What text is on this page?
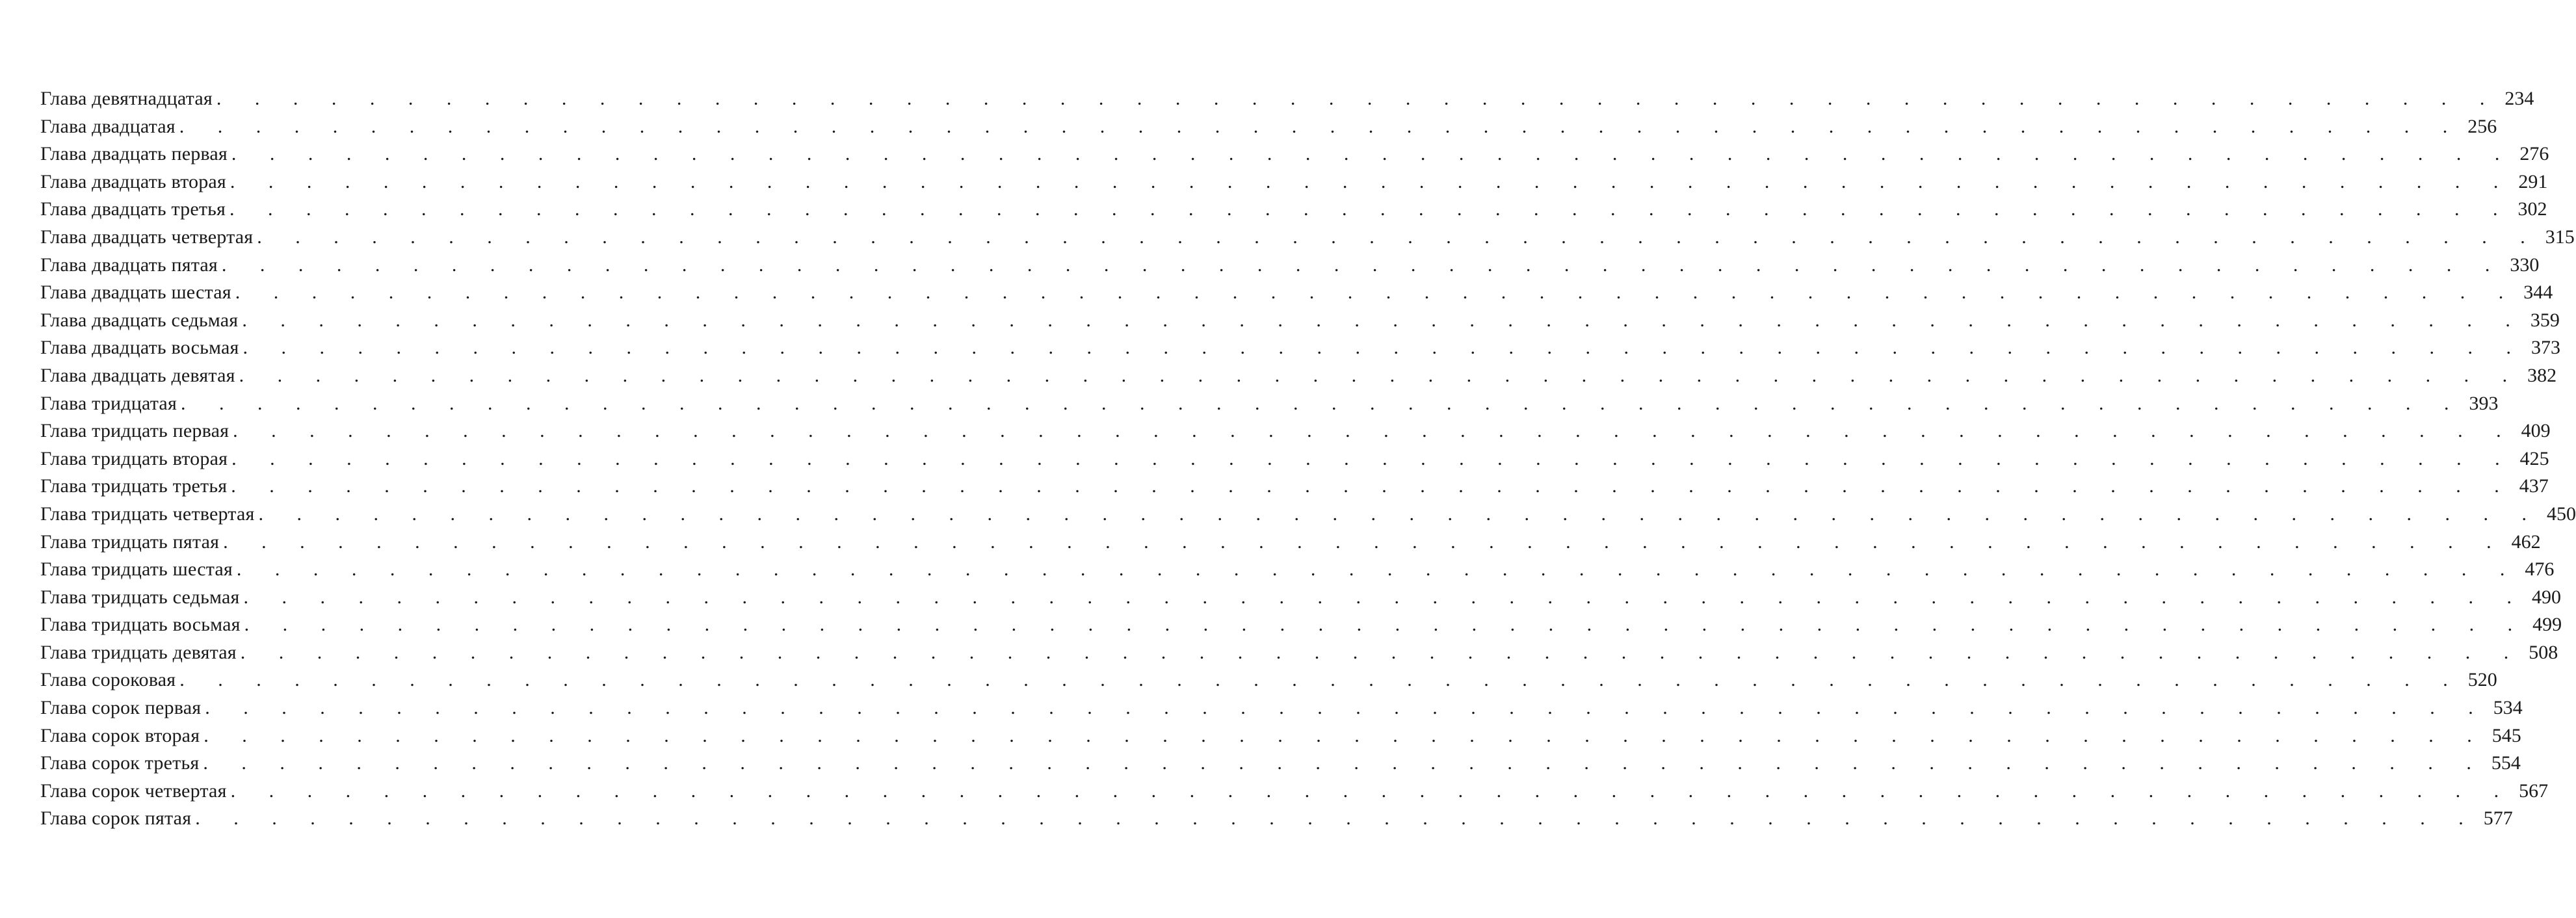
Глава девятнадцатая . . . . . . . . . . . . . . . . . . . . . . . . . . . . . . . . . . . . . . . . . . . . . . . . . . . . . . . . . . . . 234
Глава двадцатая . . . . . . . . . . . . . . . . . . . . . . . . . . . . . . . . . . . . . . . . . . . . . . . . . . . . . . . . . . . . 256
Глава двадцать первая . . . . . . . . . . . . . . . . . . . . . . . . . . . . . . . . . . . . . . . . . . . . . . . . . . . . . . . . . . . . 276
Глава двадцать вторая . . . . . . . . . . . . . . . . . . . . . . . . . . . . . . . . . . . . . . . . . . . . . . . . . . . . . . . . . . . . 291
Глава двадцать третья . . . . . . . . . . . . . . . . . . . . . . . . . . . . . . . . . . . . . . . . . . . . . . . . . . . . . . . . . . . . 302
Глава двадцать четвертая . . . . . . . . . . . . . . . . . . . . . . . . . . . . . . . . . . . . . . . . . . . . . . . . . . . . . . . . . . . . 315
Глава двадцать пятая . . . . . . . . . . . . . . . . . . . . . . . . . . . . . . . . . . . . . . . . . . . . . . . . . . . . . . . . . . . . 330
Глава двадцать шестая . . . . . . . . . . . . . . . . . . . . . . . . . . . . . . . . . . . . . . . . . . . . . . . . . . . . . . . . . . . . 344
Глава двадцать седьмая . . . . . . . . . . . . . . . . . . . . . . . . . . . . . . . . . . . . . . . . . . . . . . . . . . . . . . . . . . . . 359
Глава двадцать восьмая . . . . . . . . . . . . . . . . . . . . . . . . . . . . . . . . . . . . . . . . . . . . . . . . . . . . . . . . . . . . 373
Глава двадцать девятая . . . . . . . . . . . . . . . . . . . . . . . . . . . . . . . . . . . . . . . . . . . . . . . . . . . . . . . . . . . . 382
Глава тридцатая . . . . . . . . . . . . . . . . . . . . . . . . . . . . . . . . . . . . . . . . . . . . . . . . . . . . . . . . . . . . 393
Глава тридцать первая . . . . . . . . . . . . . . . . . . . . . . . . . . . . . . . . . . . . . . . . . . . . . . . . . . . . . . . . . . . . 409
Глава тридцать вторая . . . . . . . . . . . . . . . . . . . . . . . . . . . . . . . . . . . . . . . . . . . . . . . . . . . . . . . . . . . . 425
Глава тридцать третья . . . . . . . . . . . . . . . . . . . . . . . . . . . . . . . . . . . . . . . . . . . . . . . . . . . . . . . . . . . . 437
Глава тридцать четвертая . . . . . . . . . . . . . . . . . . . . . . . . . . . . . . . . . . . . . . . . . . . . . . . . . . . . . . . . . . . . 450
Глава тридцать пятая . . . . . . . . . . . . . . . . . . . . . . . . . . . . . . . . . . . . . . . . . . . . . . . . . . . . . . . . . . . . 462
Глава тридцать шестая . . . . . . . . . . . . . . . . . . . . . . . . . . . . . . . . . . . . . . . . . . . . . . . . . . . . . . . . . . . . 476
Глава тридцать седьмая . . . . . . . . . . . . . . . . . . . . . . . . . . . . . . . . . . . . . . . . . . . . . . . . . . . . . . . . . . . . 490
Глава тридцать восьмая . . . . . . . . . . . . . . . . . . . . . . . . . . . . . . . . . . . . . . . . . . . . . . . . . . . . . . . . . . . . 499
Глава тридцать девятая . . . . . . . . . . . . . . . . . . . . . . . . . . . . . . . . . . . . . . . . . . . . . . . . . . . . . . . . . . . . 508
Глава сороковая . . . . . . . . . . . . . . . . . . . . . . . . . . . . . . . . . . . . . . . . . . . . . . . . . . . . . . . . . . . . 520
Глава сорок первая . . . . . . . . . . . . . . . . . . . . . . . . . . . . . . . . . . . . . . . . . . . . . . . . . . . . . . . . . . . . 534
Глава сорок вторая . . . . . . . . . . . . . . . . . . . . . . . . . . . . . . . . . . . . . . . . . . . . . . . . . . . . . . . . . . . . 545
Глава сорок третья . . . . . . . . . . . . . . . . . . . . . . . . . . . . . . . . . . . . . . . . . . . . . . . . . . . . . . . . . . . . 554
Глава сорок четвертая . . . . . . . . . . . . . . . . . . . . . . . . . . . . . . . . . . . . . . . . . . . . . . . . . . . . . . . . . . . . 567
Глава сорок пятая . . . . . . . . . . . . . . . . . . . . . . . . . . . . . . . . . . . . . . . . . . . . . . . . . . . . . . . . . . . . 577
